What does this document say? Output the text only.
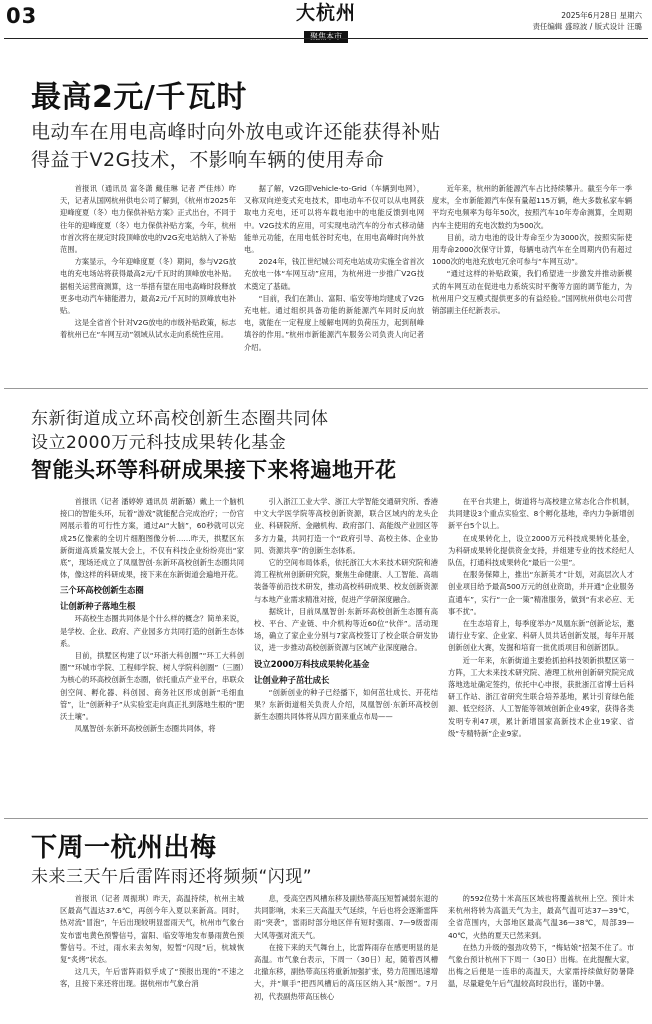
03	大杭州
聚焦本市
2025年6月28日 星期六
责任编辑 盛琼波 / 版式设计 汪璐
最高2元/千瓦时
电动车在用电高峰时向外放电或许还能获得补贴
得益于V2G技术，不影响车辆的使用寿命

首报讯（通讯员 富冬潇 戴佳琳 记者 严佳炜）昨天，记者从国网杭州供电公司了解到，《杭州市2025年迎峰度夏（冬）电力保供补贴方案》正式出台，不同于往年的迎峰度夏（冬）电力保供补贴方案，今年，杭州市首次将在规定时段顶峰放电的V2G充电站纳入了补贴范围。

方案显示，今年迎峰度夏（冬）期间，参与V2G放电的充电场站将获得最高2元/千瓦时的顶峰放电补贴。据相关运营商测算，这一举措有望在用电高峰时段释放更多电动汽车储能潜力，最高2元/千瓦时的顶峰放电补贴。

这是全省首个针对V2G放电的市级补贴政策，标志着杭州已在“车网互动”领域从试水走向系统性应用。

据了解，V2G即Vehicle-to-Grid（车辆到电网），又称双向逆变式充电技术，即电动车不仅可以从电网获取电力充电，还可以将车载电池中的电能反馈到电网中。V2G技术的应用，可实现电动汽车的分布式移动储能单元功能，在用电低谷时充电，在用电高峰时向外放电。

2024年，钱江世纪城公司充电站成功实施全省首次充放电一体“车网互动”应用，为杭州进一步推广V2G技术奠定了基础。

“目前，我们在萧山、富阳、临安等地均建成了V2G充电桩。通过组织具备功能的新能源汽车同时反向放电，就能在一定程度上缓解电网的负荷压力，起到削峰填谷的作用。”杭州市新能源汽车服务公司负责人向记者介绍。

近年来，杭州的新能源汽车占比持续攀升。截至今年一季度末，全市新能源汽车保有量超115万辆，绝大多数私家车辆平均充电频率为每年50次，按照汽车10年寿命测算，全周期内车主使用的充电次数约为500次。

目前，动力电池的设计寿命至少为3000次，按照实际使用寿命2000次保守计算，每辆电动汽车在全周期内仍有超过1000次的电池充放电冗余可参与“车网互动”。

“通过这样的补贴政策，我们希望进一步激发并推动新模式的车网互动在促进电力系统实时平衡等方面的调节能力，为杭州用户交互模式提供更多的有益经验。”国网杭州供电公司营销部副主任纪新表示。

东新街道成立环高校创新生态圈共同体
设立2000万元科技成果转化基金
智能头环等科研成果接下来将遍地开花

首报讯（记者 潘婷婷 通讯员 胡新璐）戴上一个脑机接口的智能头环，玩着“游戏”就能配合完成治疗；一份官网展示着的可行性方案，通过AI“大脑”，60秒就可以完成25亿像素的全切片细胞图像分析……昨天，拱墅区东新街道高质量发展大会上，不仅有科技企业纷纷亮出“家底”，现场还成立了凤凰智创·东新环高校创新生态圈共同体，像这样的科研成果，接下来在东新街道会遍地开花。

三个环高校创新生态圈

让创新种子落地生根

环高校生态圈共同体是个什么样的概念？简单来说，是学校、企业、政府、产业园多方共同打造的创新生态体系。

目前，拱墅区构建了以“环浙大科创圈”“环工大科创圈”“环城市学院、工程师学院、树人学院科创圈”（三圈）为核心的环高校创新生态圈，依托重点产业平台，串联众创空间、孵化器、科创园、商务社区形成创新“毛细血管”，让“创新种子”从实验室走向真正扎到落地生根的“肥沃土壤”。

凤凰智创·东新环高校创新生态圈共同体，将

引入浙江工业大学、浙江大学智能交通研究所、香港中文大学医学院等高校创新资源，联合区域内的龙头企业、科研院所、金融机构、政府部门、高能级产业园区等多方力量，共同打造一个“政府引导、高校主体、企业协同、资源共享”的创新生态体系。

它的空间布局体系，依托浙江大木来技术研究院和港湾工程杭州创新研究院，聚焦生命健康、人工智能、高端装备等前沿技术研发，推动高校科研成果、校友创新资源与本地产业需求精准对接，促进产学研深度融合。

据统计，目前凤凰智创·东新环高校创新生态圈有高校、平台、产业链、中介机构等近60位“伙伴”。活动现场，确立了家企业分别与7家高校签订了校企联合研发协议，进一步推动高校创新资源与区域产业深度融合。

设立2000万科技成果转化基金

让创业种子茁壮成长

“创新创业的种子已经播下，如何茁壮成长、开花结果？东新街道相关负责人介绍，凤凰智创·东新环高校创新生态圈共同体将从四方面来重点布局——

在平台共建上，街道将与高校建立常态化合作机制，共同建设3个重点实验室、8个孵化基地，牵内力争新增创新平台5个以上。

在成果转化上，设立2000万元科技成果转化基金，为科研成果转化提供资金支持，并组建专业的技术经纪人队伍，打通科技成果转化“最后一公里”。

在服务保障上，推出“东新英才”计划，对高层次人才创业项目给予最高500万元的创业资助，并开通“企业服务直通车”，实行“一企一策”精准服务，做到“有求必应、无事不扰”。

在生态培育上，每季度举办“凤凰东新”创新论坛，邀请行业专家、企业家、科研人员共话创新发展，每年开展创新创业大赛，发掘和培育一批优质项目和创新团队。

近一年来，东新街道主要抢抓拍科技领新拱墅区第一方阵，工大未来技术研究院、港理工杭州创新研究院完成落地选址确定签约，依托中心申报，获批浙江省博士后科研工作站、浙江省研究生联合培养基地，累计引育绿色能源、低空经济、人工智能等领域创新企业49家，获得各类发明专利47项，累计新增国家高新技术企业19家、省级“专精特新”企业9家。

下周一杭州出梅
未来三天午后雷阵雨还将频频“闪现”

首报讯（记者 周振琪）昨天，高温持续，杭州主城区最高气温达37.6℃，再创今年入夏以来新高。同时，热对流“冒泡”，午后出现较明显雷雨天气，杭州市气象台发布雷电黄色预警信号，富阳、临安等地发布暴雨黄色预警信号。不过，雨水来去匆匆，短暂“闪现”后，杭城恢复“炙烤”状态。

这几天，午后雷阵雨似乎成了“预报出现的”不速之客，且接下来还将出现。据杭州市气象台消

息，受高空西风槽东移及副热带高压短暂减弱东退的共同影响，未来三天高温天气延续，午后也将会逐渐雷阵雨“突袭”，雷雨时部分地区伴有短时强雨、7—9级雷雨大风等强对流天气。

在接下来的天气舞台上，比雷阵雨存在感更明显的是高温。市气象台表示，下周一（30日）起，随着西风槽北撤东移，副热带高压将重新加强扩张，势力范围迅速增大，并“顺手”把西风槽后的高压区纳入其“版图”。7月初，代表副热带高压核心

的592位势十米高压区域也将覆盖杭州上空。预计未来杭州将转为高温天气为主，最高气温可达37—39℃，全省范围内，大部地区最高气温36—38℃，局部39—40℃，火热的夏天已然来到。

在热力升级的强劲攻势下，“梅姑娘”招架不住了。市气象台预计杭州下下周一（30日）出梅。在此提醒大家，出梅之后便是一连串的高温天，大家需持续做好防暑降温，尽量避免午后气温较高时段出行，谨防中暑。
